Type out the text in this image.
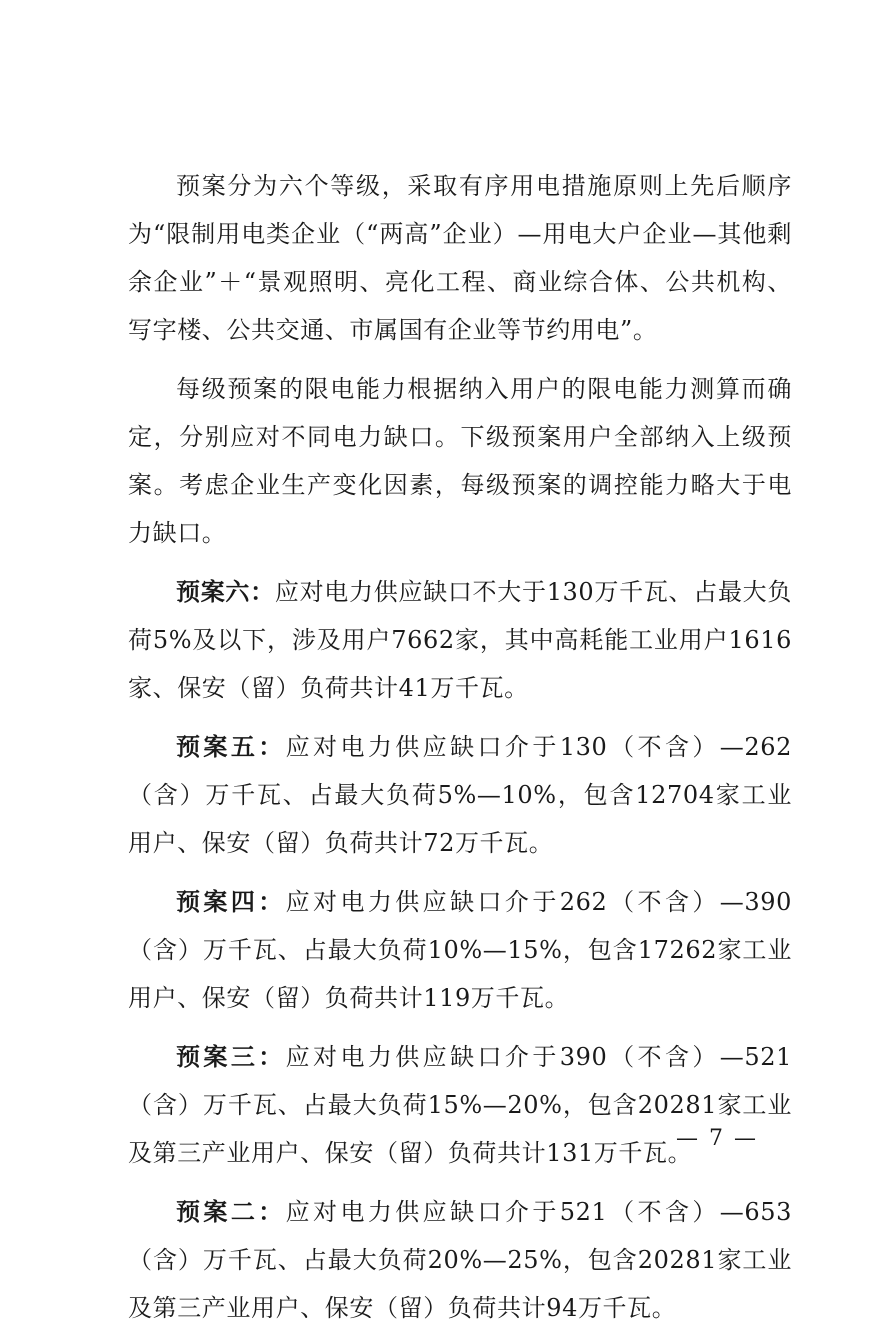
预案分为六个等级，采取有序用电措施原则上先后顺序为“限制用电类企业（“两高”企业）—用电大户企业—其他剩余企业”＋“景观照明、亮化工程、商业综合体、公共机构、写字楼、公共交通、市属国有企业等节约用电”。

每级预案的限电能力根据纳入用户的限电能力测算而确定，分别应对不同电力缺口。下级预案用户全部纳入上级预案。考虑企业生产变化因素，每级预案的调控能力略大于电力缺口。

预案六：应对电力供应缺口不大于130万千瓦、占最大负荷5%及以下，涉及用户7662家，其中高耗能工业用户1616家、保安（留）负荷共计41万千瓦。

预案五：应对电力供应缺口介于130（不含）—262（含）万千瓦、占最大负荷5%—10%，包含12704家工业用户、保安（留）负荷共计72万千瓦。

预案四：应对电力供应缺口介于262（不含）—390（含）万千瓦、占最大负荷10%—15%，包含17262家工业用户、保安（留）负荷共计119万千瓦。

预案三：应对电力供应缺口介于390（不含）—521（含）万千瓦、占最大负荷15%—20%，包含20281家工业及第三产业用户、保安（留）负荷共计131万千瓦。

预案二：应对电力供应缺口介于521（不含）—653（含）万千瓦、占最大负荷20%—25%，包含20281家工业及第三产业用户、保安（留）负荷共计94万千瓦。

— 7 —
